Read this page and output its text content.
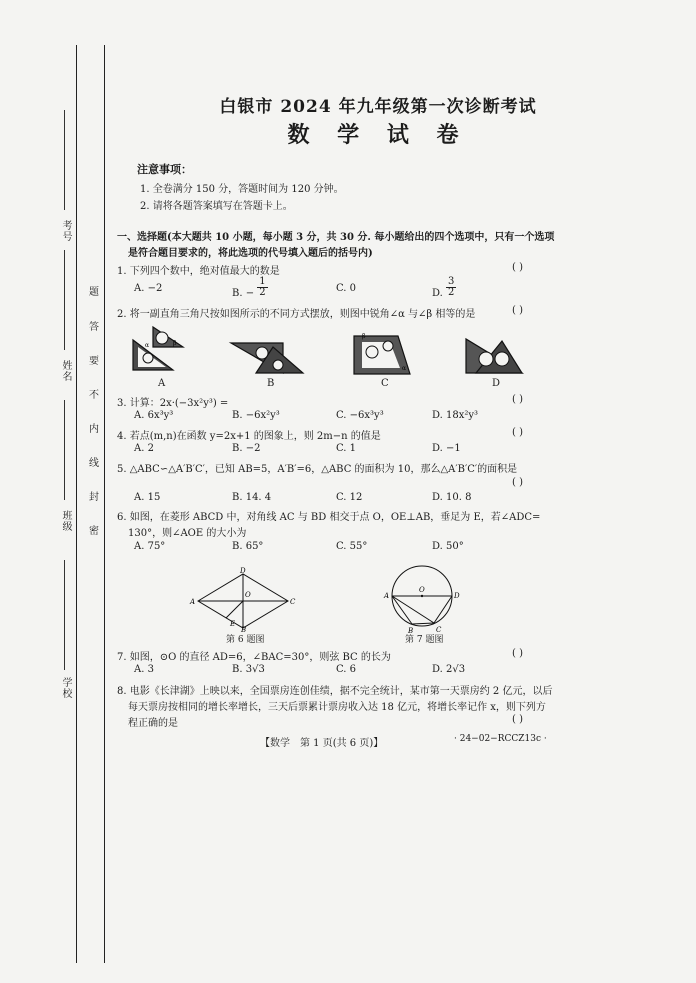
考号
姓名
班级
学校
题
答
要
不
内
线
封
密
白银市 2024 年九年级第一次诊断考试
数 学 试 卷
注意事项：
1. 全卷满分 150 分，答题时间为 120 分钟。
2. 请将各题答案填写在答题卡上。
一、选择题(本大题共 10 小题，每小题 3 分，共 30 分. 每小题给出的四个选项中，只有一个选项
是符合题目要求的，将此选项的代号填入题后的括号内)
1. 下列四个数中，绝对值最大的数是	( )
A. −2	B. − $\frac{1}{2}$	C. 0	D. $\frac{3}{2}$
2. 将一副直角三角尺按如图所示的不同方式摆放，则图中锐角∠α 与∠β 相等的是	( )
α	β
A	B
β
α
C	D
3. 计算：2x·(−3x²y³) =	( )
A. 6x³y³	B. −6x²y³	C. −6x³y³	D. 18x²y³
4. 若点(m,n)在函数 y=2x+1 的图象上，则 2m−n 的值是	( )
A. 2	B. −2	C. 1	D. −1
5. △ABC∽△A′B′C′，已知 AB=5，A′B′=6，△ABC 的面积为 10，那么△A′B′C′的面积是
( )
A. 15	B. 14. 4	C. 12	D. 10. 8
6. 如图，在菱形 ABCD 中，对角线 AC 与 BD 相交于点 O，OE⊥AB，垂足为 E，若∠ADC=
130°，则∠AOE 的大小为
A. 75°	B. 65°	C. 55°	D. 50°
A
B
C
D
O
E
第 6 题图
A
O
D
B	C
第 7 题图
7. 如图，⊙O 的直径 AD=6，∠BAC=30°，则弦 BC 的长为	( )
A. 3	B. 3√3	C. 6	D. 2√3
8. 电影《长津湖》上映以来，全国票房连创佳绩，据不完全统计，某市第一天票房约 2 亿元，以后
每天票房按相同的增长率增长，三天后票累计票房收入达 18 亿元，将增长率记作 x，则下列方
程正确的是	( )
【数学　第 1 页(共 6 页)】	· 24−02−RCCZ13c ·
